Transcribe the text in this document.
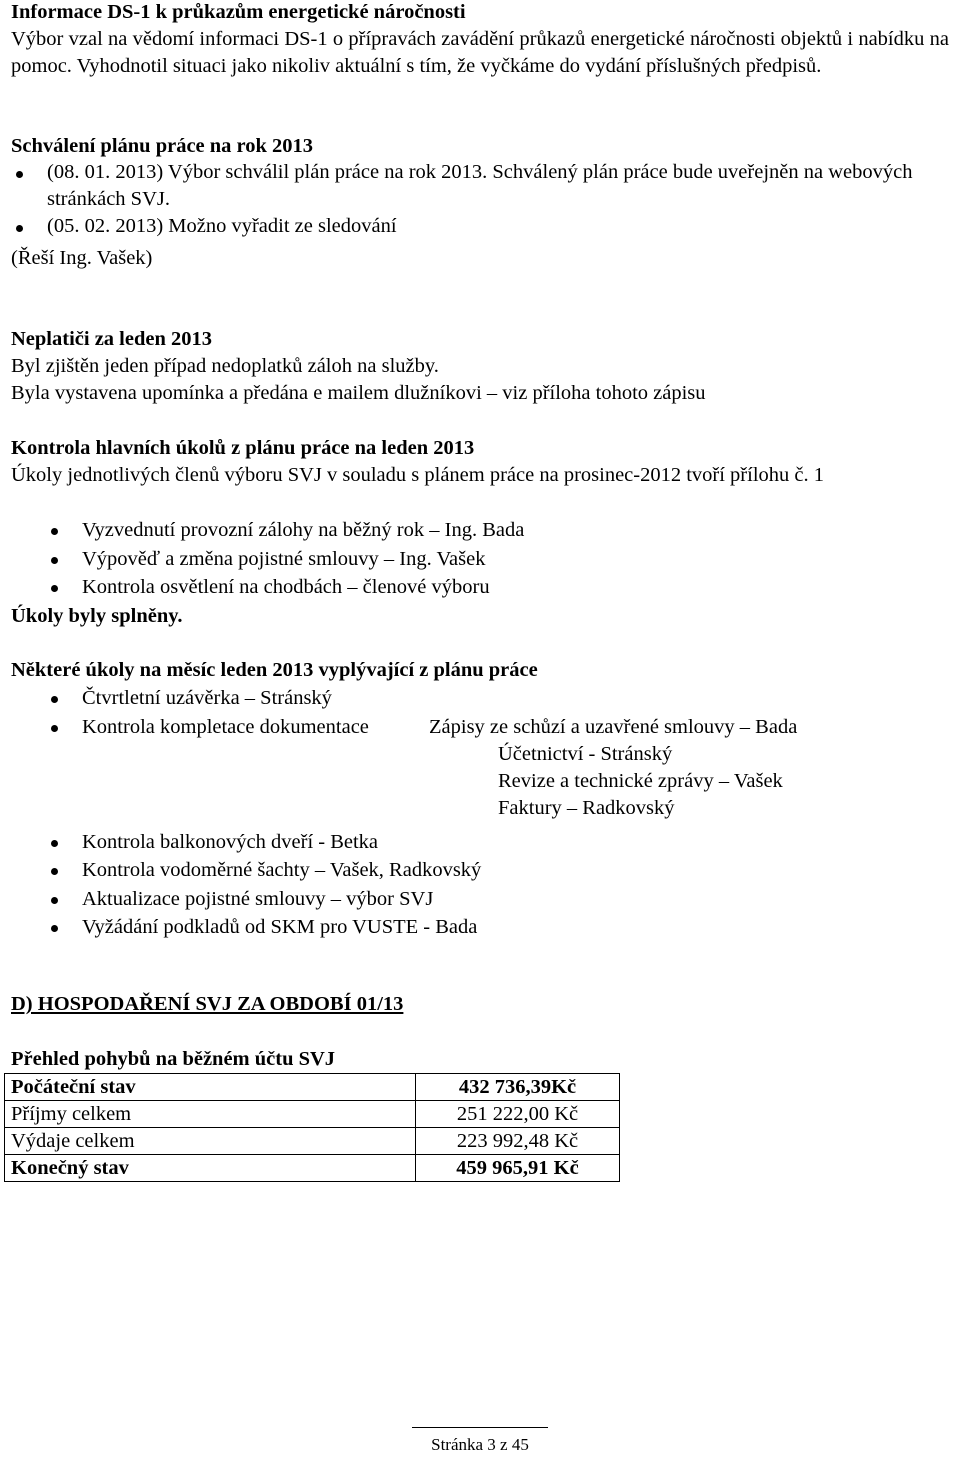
Informace DS-1 k průkazům energetické náročnosti
Výbor vzal na vědomí informaci DS-1 o přípravách zavádění průkazů energetické náročnosti objektů i nabídku na pomoc. Vyhodnotil situaci jako nikoliv aktuální s tím, že vyčkáme do vydání příslušných předpisů.
Schválení plánu práce na rok 2013
(08. 01. 2013) Výbor schválil plán práce na rok 2013. Schválený plán práce bude uveřejněn na webových stránkách SVJ.
(05. 02. 2013) Možno vyřadit ze sledování
(Řeší Ing. Vašek)
Neplatiči za leden 2013
Byl zjištěn jeden případ nedoplatků záloh na služby.
Byla vystavena upomínka a předána e mailem dlužníkovi – viz příloha tohoto zápisu
Kontrola hlavních úkolů z plánu práce na leden 2013
Úkoly jednotlivých členů výboru SVJ v souladu s plánem práce na prosinec-2012 tvoří přílohu č. 1
Vyzvednutí provozní zálohy na běžný rok – Ing. Bada
Výpověď a změna pojistné smlouvy – Ing. Vašek
Kontrola osvětlení na chodbách – členové výboru
Úkoly byly splněny.
Některé úkoly na měsíc leden 2013 vyplývající z plánu práce
Čtvrtletní uzávěrka – Stránský
Kontrola kompletace dokumentace	Zápisy ze schůzí a uzavřené smlouvy – Bada
Účetnictví - Stránský
Revize a technické zprávy – Vašek
Faktury – Radkovský
Kontrola balkonových dveří - Betka
Kontrola vodoměrné šachty – Vašek, Radkovský
Aktualizace pojistné smlouvy – výbor SVJ
Vyžádání podkladů od SKM pro VUSTE - Bada
D) HOSPODAŘENÍ SVJ ZA OBDOBÍ 01/13
Přehled pohybů na běžném účtu SVJ
Počáteční stav	432 736,39Kč
Příjmy celkem	251 222,00 Kč
Výdaje celkem	223 992,48 Kč
Konečný stav	459 965,91 Kč
Stránka 3 z 45
